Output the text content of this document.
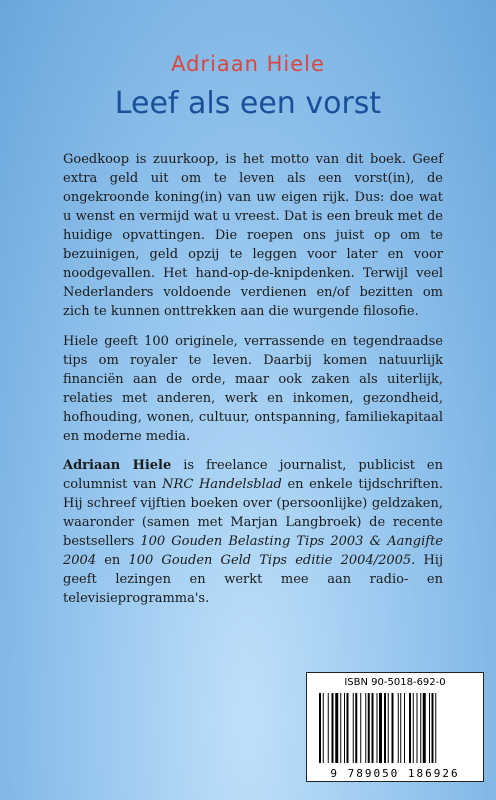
Adriaan Hiele
Leef als een vorst

Goedkoop is zuurkoop, is het motto van dit boek. Geef extra geld uit om te leven als een vorst(in), de ongekroonde koning(in) van uw eigen rijk. Dus: doe wat u wenst en vermijd wat u vreest. Dat is een breuk met de huidige opvattingen. Die roepen ons juist op om te bezuinigen, geld opzij te leggen voor later en voor noodgevallen. Het hand-op-de-knipdenken. Terwijl veel Nederlanders voldoende verdienen en/of bezitten om zich te kunnen onttrekken aan die wurgende filosofie.

Hiele geeft 100 originele, verrassende en tegendraadse tips om royaler te leven. Daarbij komen natuurlijk financiën aan de orde, maar ook zaken als uiterlijk, relaties met anderen, werk en inkomen, gezondheid, hofhouding, wonen, cultuur, ontspanning, familiekapitaal en moderne media.

Adriaan Hiele is freelance journalist, publicist en columnist van NRC Handelsblad en enkele tijdschriften. Hij schreef vijftien boeken over (persoonlijke) geldzaken, waaronder (samen met Marjan Langbroek) de recente bestsellers 100 Gouden Belasting Tips 2003 & Aangifte 2004 en 100 Gouden Geld Tips editie 2004/2005. Hij geeft lezingen en werkt mee aan radio- en televisieprogramma's.

ISBN 90-5018-692-0
9 789050 186926
